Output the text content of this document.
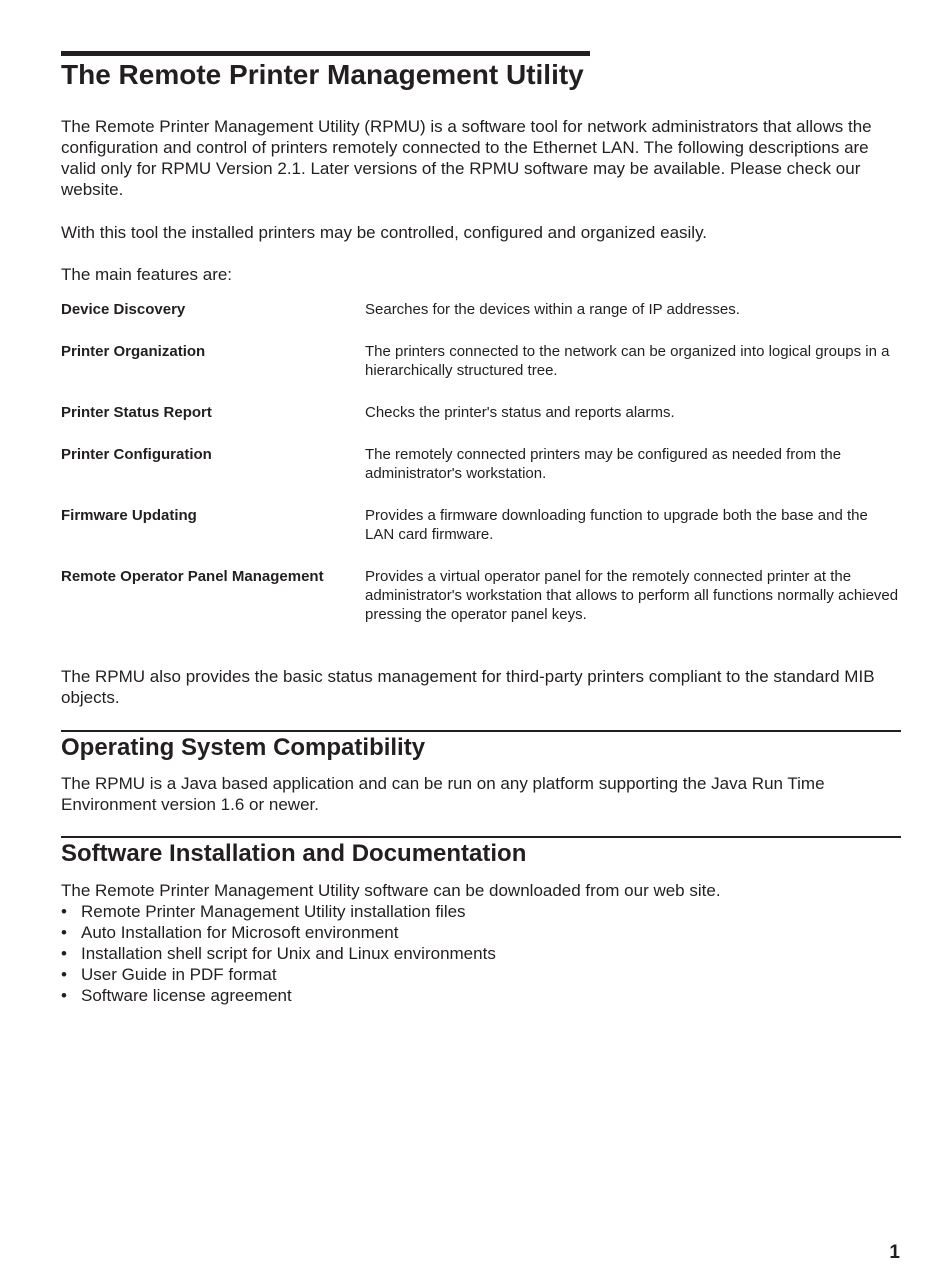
The Remote Printer Management Utility

The Remote Printer Management Utility (RPMU) is a software tool for network administrators that allows the configuration and control of printers remotely connected to the Ethernet LAN. The following descriptions are valid only for RPMU Version 2.1. Later versions of the RPMU software may be available. Please check our website.

With this tool the installed printers may be controlled, configured and organized easily.

The main features are:

Device Discovery	Searches for the devices within a range of IP addresses.
Printer Organization	The printers connected to the network can be organized into logical groups in a hierarchically structured tree.
Printer Status Report	Checks the printer's status and reports alarms.
Printer Configuration	The remotely connected printers may be configured as needed from the administrator's workstation.
Firmware Updating	Provides a firmware downloading function to upgrade both the base and the LAN card firmware.
Remote Operator Panel Management	Provides a virtual operator panel for the remotely connected printer at the administrator's workstation that allows to perform all functions normally achieved pressing the operator panel keys.

The RPMU also provides the basic status management for third-party printers compliant to the standard MIB objects.

Operating System Compatibility

The RPMU is a Java based application and can be run on any platform supporting the Java Run Time Environment version 1.6 or newer.

Software Installation and Documentation

The Remote Printer Management Utility software can be downloaded from our web site.

• Remote Printer Management Utility installation files
• Auto Installation for Microsoft environment
• Installation shell script for Unix and Linux environments
• User Guide in PDF format
• Software license agreement
1
